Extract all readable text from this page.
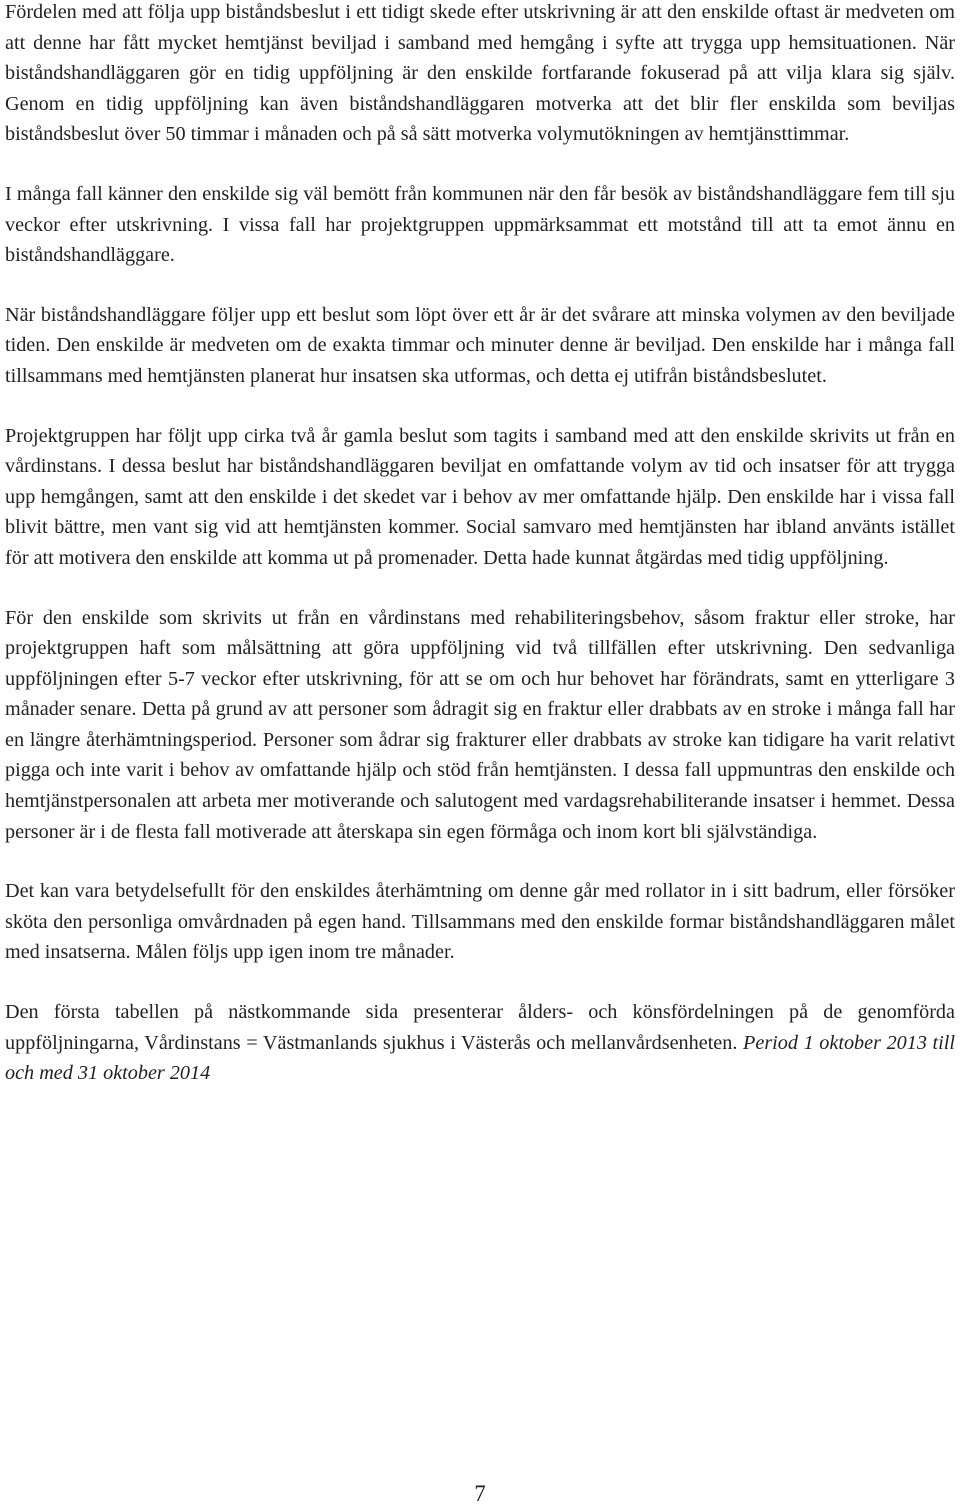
Fördelen med att följa upp biståndsbeslut i ett tidigt skede efter utskrivning är att den enskilde oftast är medveten om att denne har fått mycket hemtjänst beviljad i samband med hemgång i syfte att trygga upp hemsituationen. När biståndshandläggaren gör en tidig uppföljning är den enskilde fortfarande fokuserad på att vilja klara sig själv. Genom en tidig uppföljning kan även biståndshandläggaren motverka att det blir fler enskilda som beviljas biståndsbeslut över 50 timmar i månaden och på så sätt motverka volymutökningen av hemtjänsttimmar.

I många fall känner den enskilde sig väl bemött från kommunen när den får besök av biståndshandläggare fem till sju veckor efter utskrivning. I vissa fall har projektgruppen uppmärksammat ett motstånd till att ta emot ännu en biståndshandläggare.

När biståndshandläggare följer upp ett beslut som löpt över ett år är det svårare att minska volymen av den beviljade tiden. Den enskilde är medveten om de exakta timmar och minuter denne är beviljad. Den enskilde har i många fall tillsammans med hemtjänsten planerat hur insatsen ska utformas, och detta ej utifrån biståndsbeslutet.

Projektgruppen har följt upp cirka två år gamla beslut som tagits i samband med att den enskilde skrivits ut från en vårdinstans. I dessa beslut har biståndshandläggaren beviljat en omfattande volym av tid och insatser för att trygga upp hemgången, samt att den enskilde i det skedet var i behov av mer omfattande hjälp. Den enskilde har i vissa fall blivit bättre, men vant sig vid att hemtjänsten kommer. Social samvaro med hemtjänsten har ibland använts istället för att motivera den enskilde att komma ut på promenader. Detta hade kunnat åtgärdas med tidig uppföljning.

För den enskilde som skrivits ut från en vårdinstans med rehabiliteringsbehov, såsom fraktur eller stroke, har projektgruppen haft som målsättning att göra uppföljning vid två tillfällen efter utskrivning. Den sedvanliga uppföljningen efter 5-7 veckor efter utskrivning, för att se om och hur behovet har förändrats, samt en ytterligare 3 månader senare. Detta på grund av att personer som ådragit sig en fraktur eller drabbats av en stroke i många fall har en längre återhämtningsperiod. Personer som ådrar sig frakturer eller drabbats av stroke kan tidigare ha varit relativt pigga och inte varit i behov av omfattande hjälp och stöd från hemtjänsten. I dessa fall uppmuntras den enskilde och hemtjänstpersonalen att arbeta mer motiverande och salutogent med vardagsrehabiliterande insatser i hemmet. Dessa personer är i de flesta fall motiverade att återskapa sin egen förmåga och inom kort bli självständiga.

Det kan vara betydelsefullt för den enskildes återhämtning om denne går med rollator in i sitt badrum, eller försöker sköta den personliga omvårdnaden på egen hand. Tillsammans med den enskilde formar biståndshandläggaren målet med insatserna. Målen följs upp igen inom tre månader.

Den första tabellen på nästkommande sida presenterar ålders- och könsfördelningen på de genomförda uppföljningarna, Vårdinstans = Västmanlands sjukhus i Västerås och mellanvårdsenheten. Period 1 oktober 2013 till och med 31 oktober 2014

7
